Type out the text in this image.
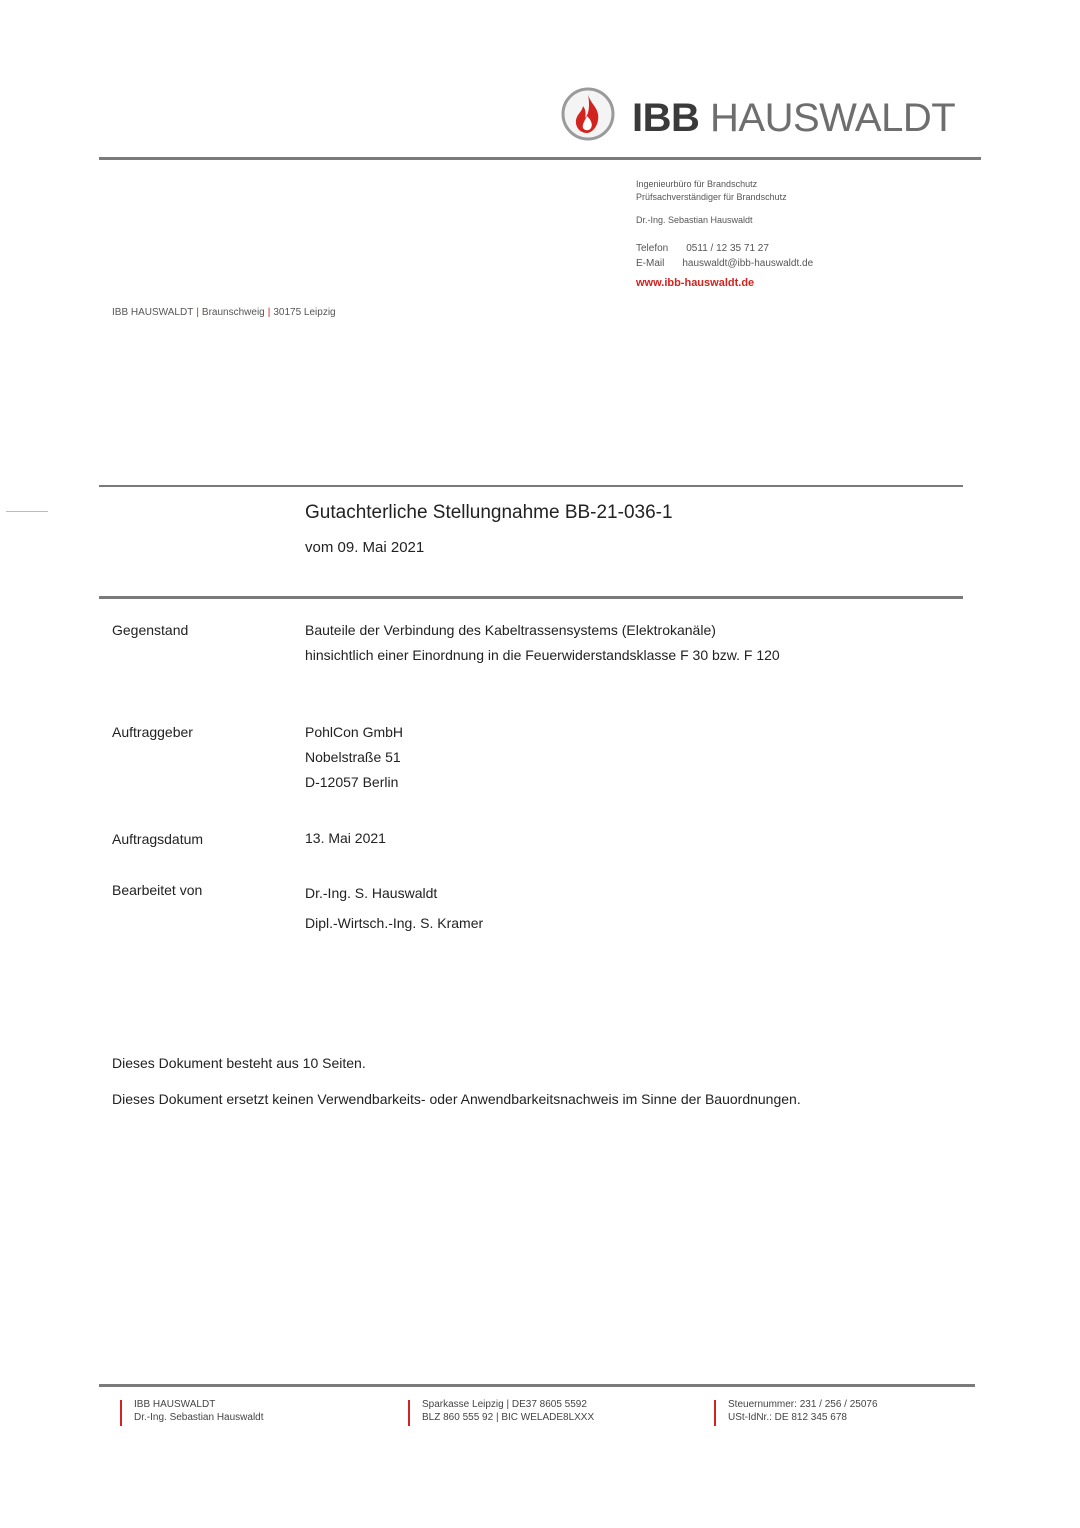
IBB HAUSWALDT
Ingenieurbüro für Brandschutz
Prüfsachverständiger für Brandschutz
Dr.-Ing. Sebastian Hauswaldt
Telefon 0511 / 12 35 71 27
E-Mail hauswaldt@ibb-hauswaldt.de
www.ibb-hauswaldt.de
IBB HAUSWALDT | Braunschweig | 30175 Leipzig
Gutachterliche Stellungnahme BB-21-036-1
vom 09. Mai 2021
Gegenstand	Bauteile der Verbindung des Kabeltrassensystems (Elektrokanäle)
hinsichtlich einer Einordnung in die Feuerwiderstandsklasse F 30 bzw. F 120
Auftraggeber	PohlCon GmbH
Nobelstraße 51
D-12057 Berlin
Auftragsdatum	13. Mai 2021
Bearbeitet von	Dr.-Ing. S. Hauswaldt
Dipl.-Wirtsch.-Ing. S. Kramer
Dieses Dokument besteht aus 10 Seiten.
Dieses Dokument ersetzt keinen Verwendbarkeits- oder Anwendbarkeitsnachweis im Sinne der Bauordnungen.
IBB HAUSWALDT
Dr.-Ing. Sebastian Hauswaldt
Sparkasse Leipzig | DE37 8605 5592
BLZ 860 555 92 | BIC WELADE8LXXX
Steuernummer: 231 / 256 / 25076
USt-IdNr.: DE 812 345 678
